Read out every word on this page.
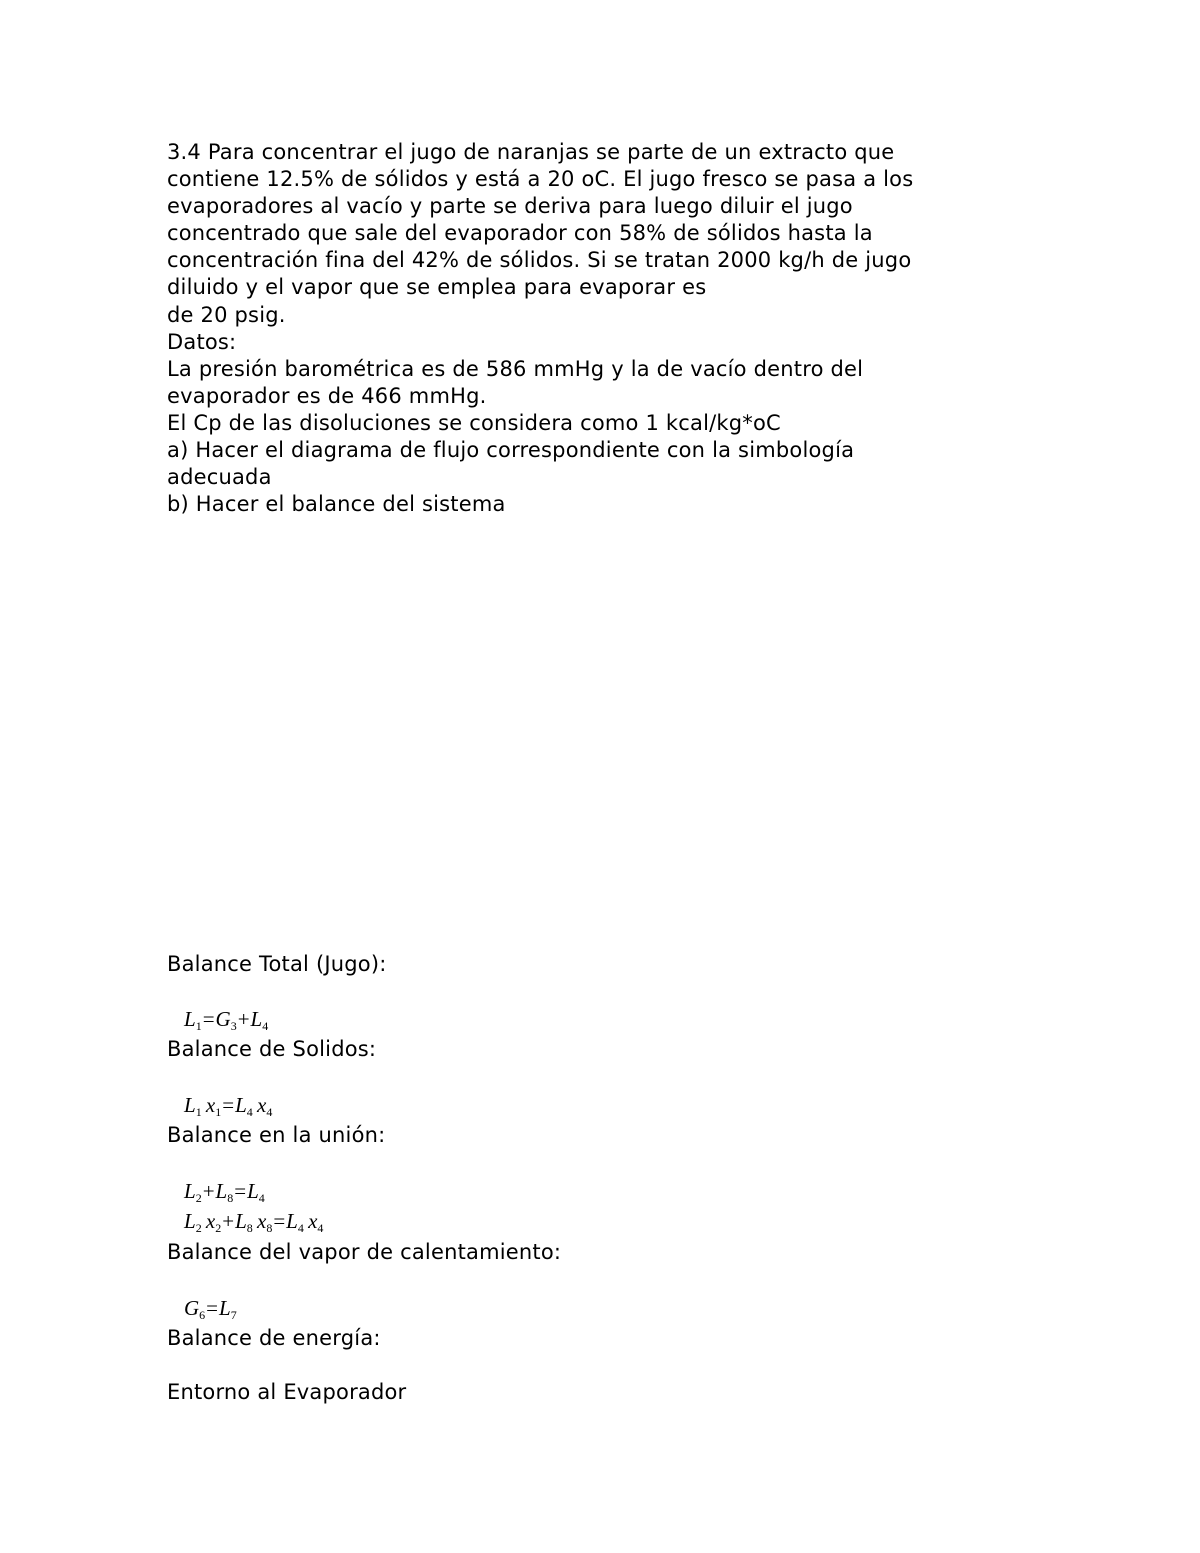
3.4 Para concentrar el jugo de naranjas se parte de un extracto que
contiene 12.5% de sólidos y está a 20 oC. El jugo fresco se pasa a los
evaporadores al vacío y parte se deriva para luego diluir el jugo
concentrado que sale del evaporador con 58% de sólidos hasta la
concentración fina del 42% de sólidos. Si se tratan 2000 kg/h de jugo
diluido y el vapor que se emplea para evaporar es
de 20 psig.
Datos:
La presión barométrica es de 586 mmHg y la de vacío dentro del
evaporador es de 466 mmHg.
El Cp de las disoluciones se considera como 1 kcal/kg*oC
a) Hacer el diagrama de flujo correspondiente con la simbología
adecuada
b) Hacer el balance del sistema
Balance Total (Jugo):
$L_1=G_3+L_4$
Balance de Solidos:
$L_1$  $x_1=L_4$  $x_4$
Balance en la unión:
$L_2+L_8=L_4$
$L_2$  $x_2+L_8$  $x_8=L_4$  $x_4$
Balance del vapor de calentamiento:
$G_6=L_7$
Balance de energía:
Entorno al Evaporador
